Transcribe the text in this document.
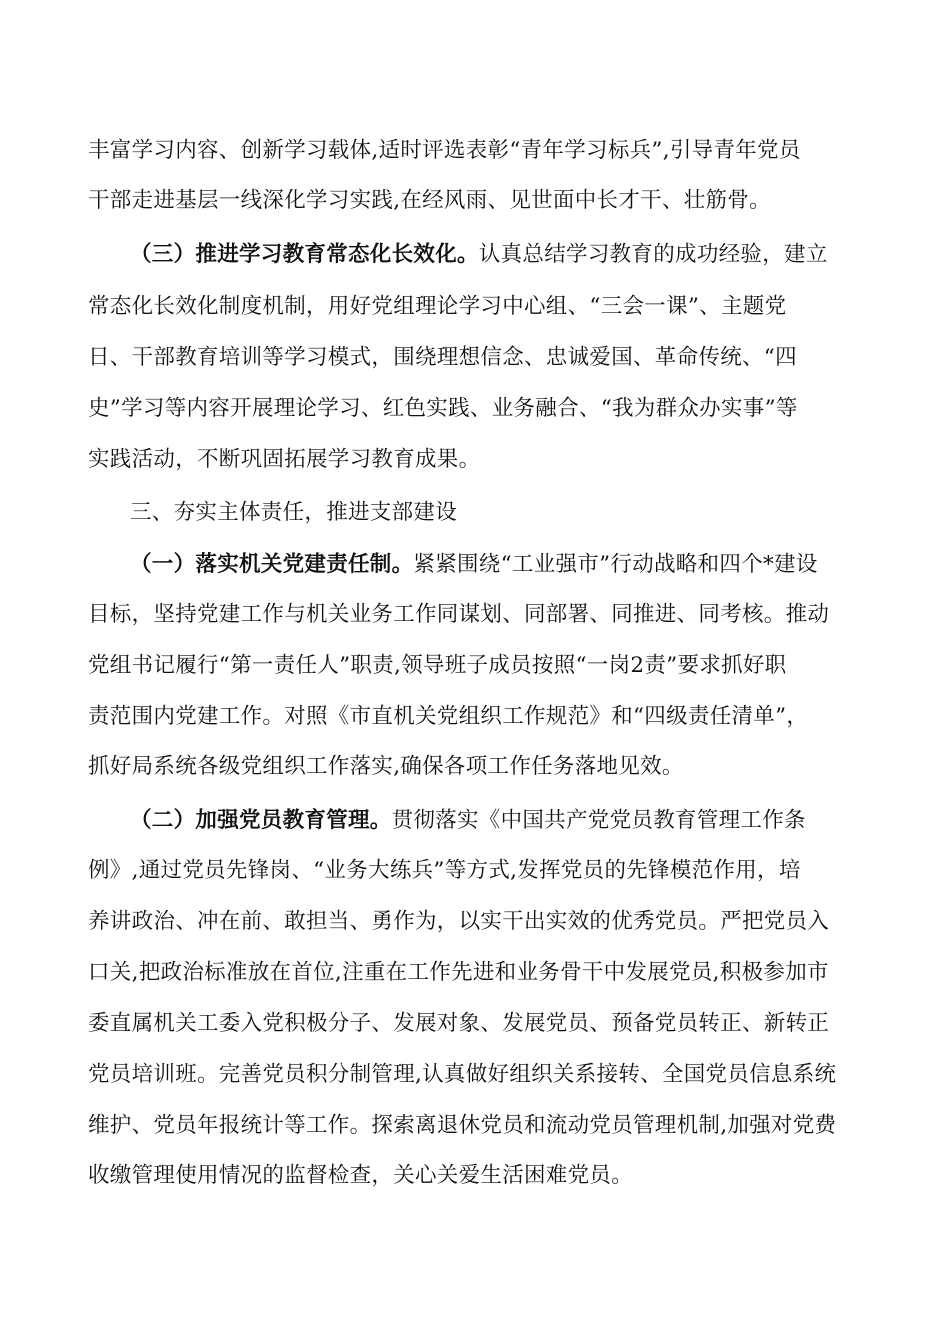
丰富学习内容、创新学习载体,适时评选表彰“青年学习标兵”,引导青年党员
干部走进基层一线深化学习实践,在经风雨、见世面中长才干、壮筋骨。
（三）推进学习教育常态化长效化。认真总结学习教育的成功经验，建立
常态化长效化制度机制，用好党组理论学习中心组、“三会一课”、主题党
日、干部教育培训等学习模式，围绕理想信念、忠诚爱国、革命传统、“四
史”学习等内容开展理论学习、红色实践、业务融合、“我为群众办实事”等
实践活动，不断巩固拓展学习教育成果。
三、夯实主体责任，推进支部建设
（一）落实机关党建责任制。紧紧围绕“工业强市”行动战略和四个*建设
目标，坚持党建工作与机关业务工作同谋划、同部署、同推进、同考核。推动
党组书记履行“第一责任人”职责,领导班子成员按照“一岗2责”要求抓好职
责范围内党建工作。对照《市直机关党组织工作规范》和“四级责任清单”，
抓好局系统各级党组织工作落实,确保各项工作任务落地见效。
（二）加强党员教育管理。贯彻落实《中国共产党党员教育管理工作条
例》,通过党员先锋岗、“业务大练兵”等方式,发挥党员的先锋模范作用，培
养讲政治、冲在前、敢担当、勇作为，以实干出实效的优秀党员。严把党员入
口关,把政治标准放在首位,注重在工作先进和业务骨干中发展党员,积极参加市
委直属机关工委入党积极分子、发展对象、发展党员、预备党员转正、新转正
党员培训班。完善党员积分制管理,认真做好组织关系接转、全国党员信息系统
维护、党员年报统计等工作。探索离退休党员和流动党员管理机制,加强对党费
收缴管理使用情况的监督检查，关心关爱生活困难党员。
